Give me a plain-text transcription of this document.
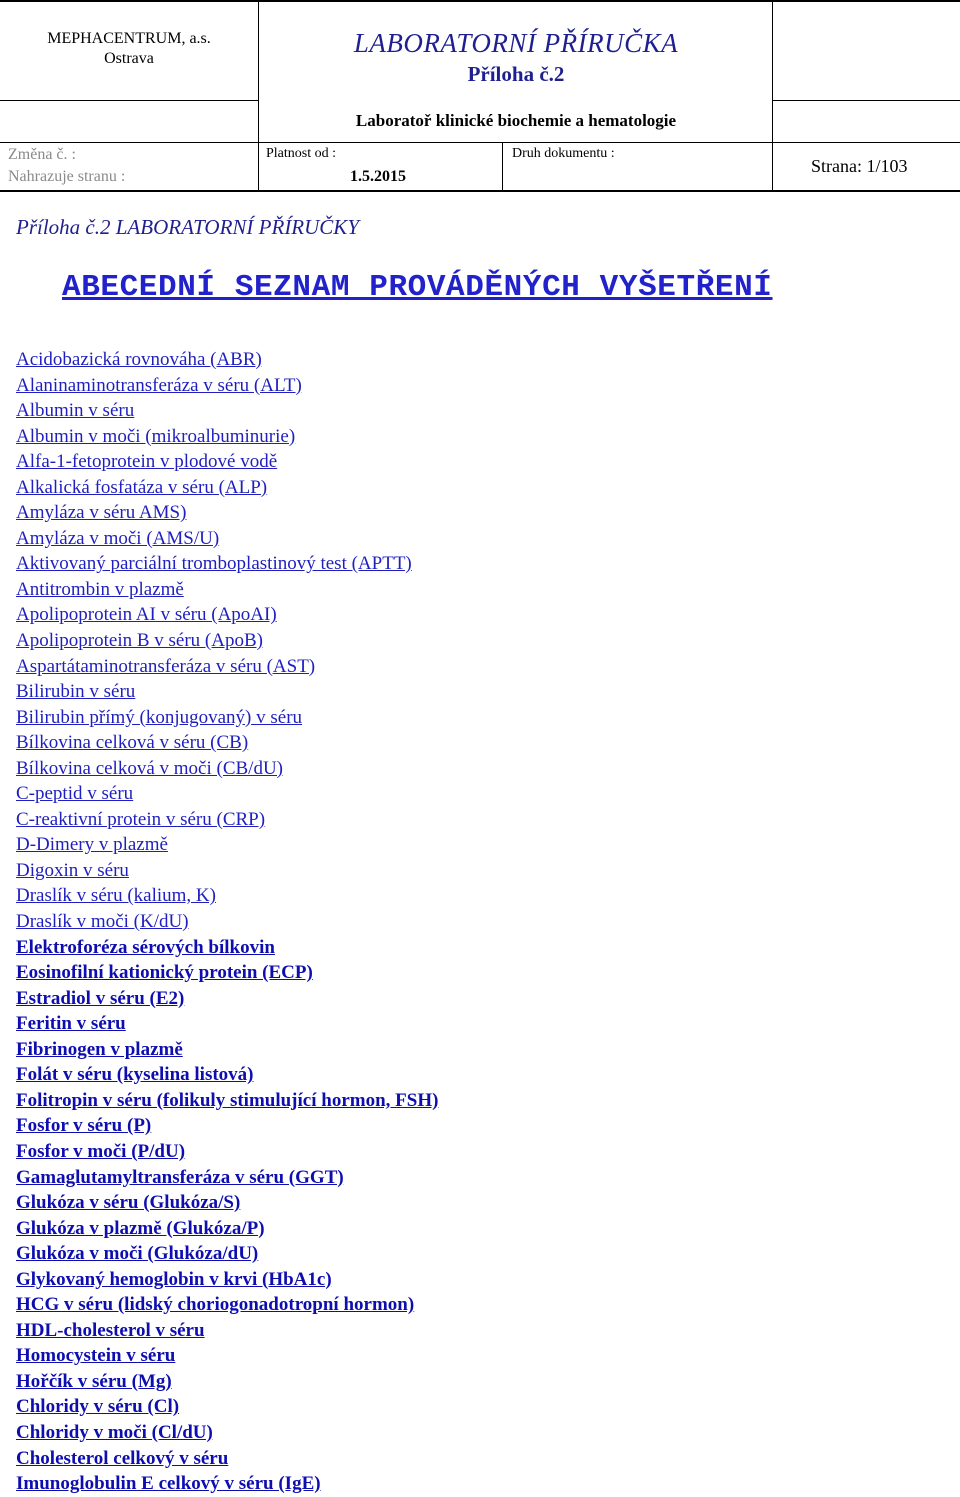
MEPHACENTRUM, a.s.
Ostrava
LABORATORNÍ PŘÍRUČKA
Příloha č.2
Laboratoř klinické biochemie a hematologie
Změna č. :
Nahrazuje stranu :
Platnost od :
1.5.2015
Druh dokumentu :
Strana: 1/103
Příloha č.2 LABORATORNÍ PŘÍRUČKY
ABECEDNÍ SEZNAM PROVÁDĚNÝCH VYŠETŘENÍ
Acidobazická rovnováha (ABR)
Alaninaminotransferáza v séru (ALT)
Albumin v séru
Albumin v moči (mikroalbuminurie)
Alfa-1-fetoprotein v plodové vodě
Alkalická fosfatáza v séru (ALP)
Amyláza v séru AMS)
Amyláza v moči (AMS/U)
Aktivovaný parciální tromboplastinový test (APTT)
Antitrombin v plazmě
Apolipoprotein AI v séru (ApoAI)
Apolipoprotein B v séru (ApoB)
Aspartátaminotransferáza v séru (AST)
Bilirubin v séru
Bilirubin přímý (konjugovaný) v séru
Bílkovina celková v séru (CB)
Bílkovina celková v moči (CB/dU)
C-peptid v séru
C-reaktivní protein v séru (CRP)
D-Dimery v plazmě
Digoxin v séru
Draslík v séru (kalium, K)
Draslík v moči (K/dU)
Elektroforéza sérových bílkovin
Eosinofilní kationický protein (ECP)
Estradiol v séru (E2)
Feritin v séru
Fibrinogen v plazmě
Folát v séru (kyselina listová)
Folitropin v séru (folikuly stimulující hormon, FSH)
Fosfor v séru (P)
Fosfor v moči (P/dU)
Gamaglutamyltransferáza v séru (GGT)
Glukóza v séru (Glukóza/S)
Glukóza v plazmě (Glukóza/P)
Glukóza v moči (Glukóza/dU)
Glykovaný hemoglobin v krvi (HbA1c)
HCG v séru (lidský choriogonadotropní hormon)
HDL-cholesterol v séru
Homocystein v séru
Hořčík v séru (Mg)
Chloridy v séru (Cl)
Chloridy v moči (Cl/dU)
Cholesterol celkový v séru
Imunoglobulin E celkový v séru (IgE)
